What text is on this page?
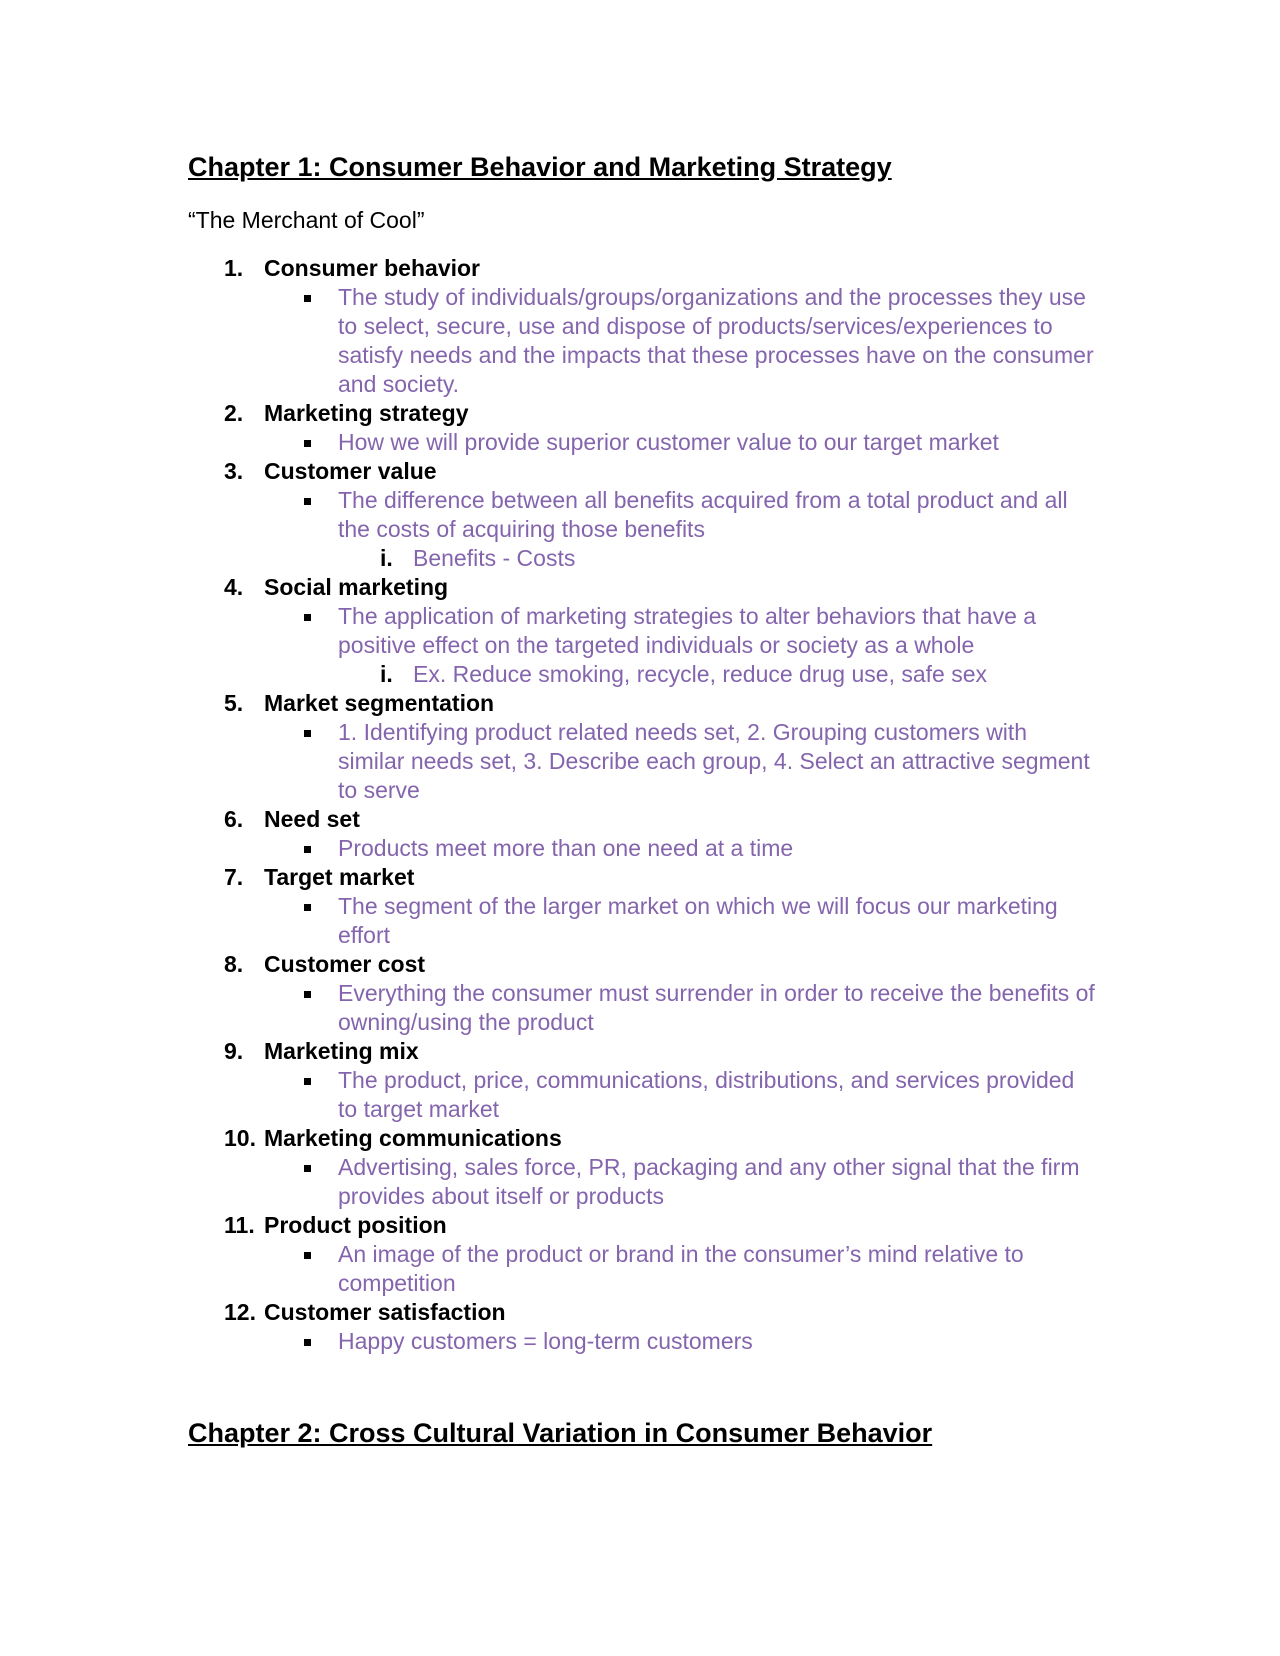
Chapter 1: Consumer Behavior and Marketing Strategy

“The Merchant of Cool”

1. Consumer behavior
The study of individuals/groups/organizations and the processes they use to select, secure, use and dispose of products/services/experiences to satisfy needs and the impacts that these processes have on the consumer and society.
2. Marketing strategy
How we will provide superior customer value to our target market
3. Customer value
The difference between all benefits acquired from a total product and all the costs of acquiring those benefits
i. Benefits - Costs
4. Social marketing
The application of marketing strategies to alter behaviors that have a positive effect on the targeted individuals or society as a whole
i. Ex. Reduce smoking, recycle, reduce drug use, safe sex
5. Market segmentation
1. Identifying product related needs set, 2. Grouping customers with similar needs set, 3. Describe each group, 4. Select an attractive segment to serve
6. Need set
Products meet more than one need at a time
7. Target market
The segment of the larger market on which we will focus our marketing effort
8. Customer cost
Everything the consumer must surrender in order to receive the benefits of owning/using the product
9. Marketing mix
The product, price, communications, distributions, and services provided to target market
10. Marketing communications
Advertising, sales force, PR, packaging and any other signal that the firm provides about itself or products
11. Product position
An image of the product or brand in the consumer’s mind relative to competition
12. Customer satisfaction
Happy customers = long-term customers
Chapter 2: Cross Cultural Variation in Consumer Behavior
